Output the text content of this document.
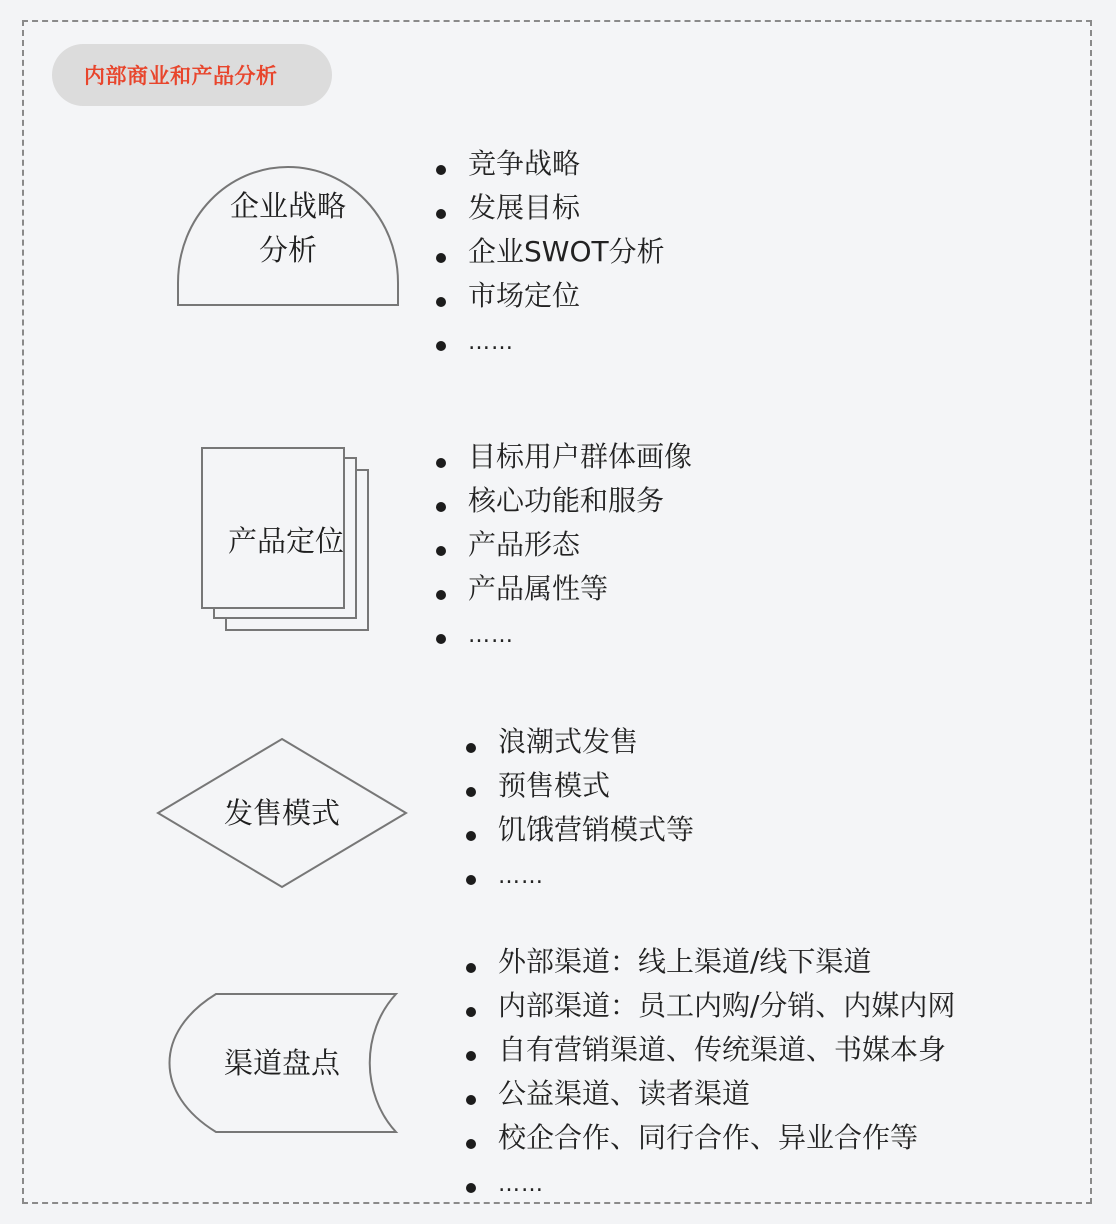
内部商业和产品分析
企业战略
分析
竞争战略
发展目标
企业SWOT分析
市场定位
……
产品定位
目标用户群体画像
核心功能和服务
产品形态
产品属性等
……
发售模式
浪潮式发售
预售模式
饥饿营销模式等
……
渠道盘点
外部渠道：线上渠道/线下渠道
内部渠道：员工内购/分销、内媒内网
自有营销渠道、传统渠道、书媒本身
公益渠道、读者渠道
校企合作、同行合作、异业合作等
……
